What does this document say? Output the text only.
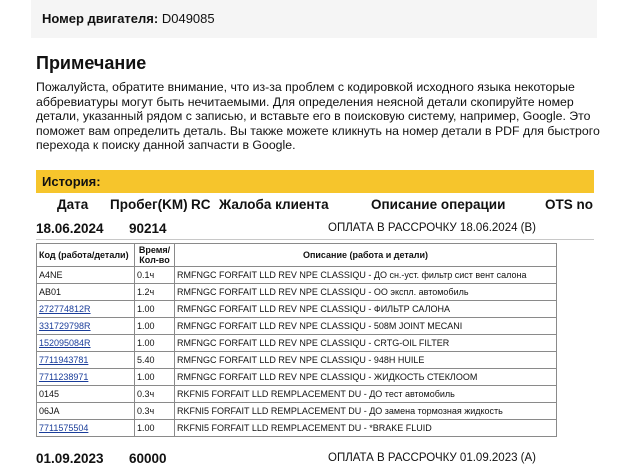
Номер двигателя: D049085
Примечание
Пожалуйста, обратите внимание, что из-за проблем с кодировкой исходного языка некоторые аббревиатуры могут быть нечитаемыми. Для определения неясной детали скопируйте номер детали, указанный рядом с записью, и вставьте его в поисковую систему, например, Google. Это поможет вам определить деталь. Вы также можете кликнуть на номер детали в PDF для быстрого перехода к поиску данной запчасти в Google.
История:
Дата Пробег(KM) RC Жалоба клиента	Описание операции	OTS no
18.06.2024 90214	ОПЛАТА В РАССРОЧКУ 18.06.2024 (В)
Код (работа/детали)	Время/
Кол-во	Описание (работа и детали)
A4NE	0.1ч	RMFNGC FORFAIT LLD REV NPE CLASSIQU - ДО сн.-уст. фильтр сист вент салона
AB01	1.2ч	RMFNGC FORFAIT LLD REV NPE CLASSIQU - ОО экспл. автомобиль
272774812R	1.00	RMFNGC FORFAIT LLD REV NPE CLASSIQU - ФИЛЬТР САЛОНА
331729798R	1.00	RMFNGC FORFAIT LLD REV NPE CLASSIQU - 508M JOINT MECANI
152095084R	1.00	RMFNGC FORFAIT LLD REV NPE CLASSIQU - CRTG-OIL FILTER
7711943781	5.40	RMFNGC FORFAIT LLD REV NPE CLASSIQU - 948H HUILE
7711238971	1.00	RMFNGC FORFAIT LLD REV NPE CLASSIQU - ЖИДКОСТЬ СТЕКЛООМ
0145	0.3ч	RKFNI5 FORFAIT LLD REMPLACEMENT DU - ДО тест автомобиль
06JA	0.3ч	RKFNI5 FORFAIT LLD REMPLACEMENT DU - ДО замена тормозная жидкость
7711575504	1.00	RKFNI5 FORFAIT LLD REMPLACEMENT DU - *BRAKE FLUID
01.09.2023 60000	ОПЛАТА В РАССРОЧКУ 01.09.2023 (А)
